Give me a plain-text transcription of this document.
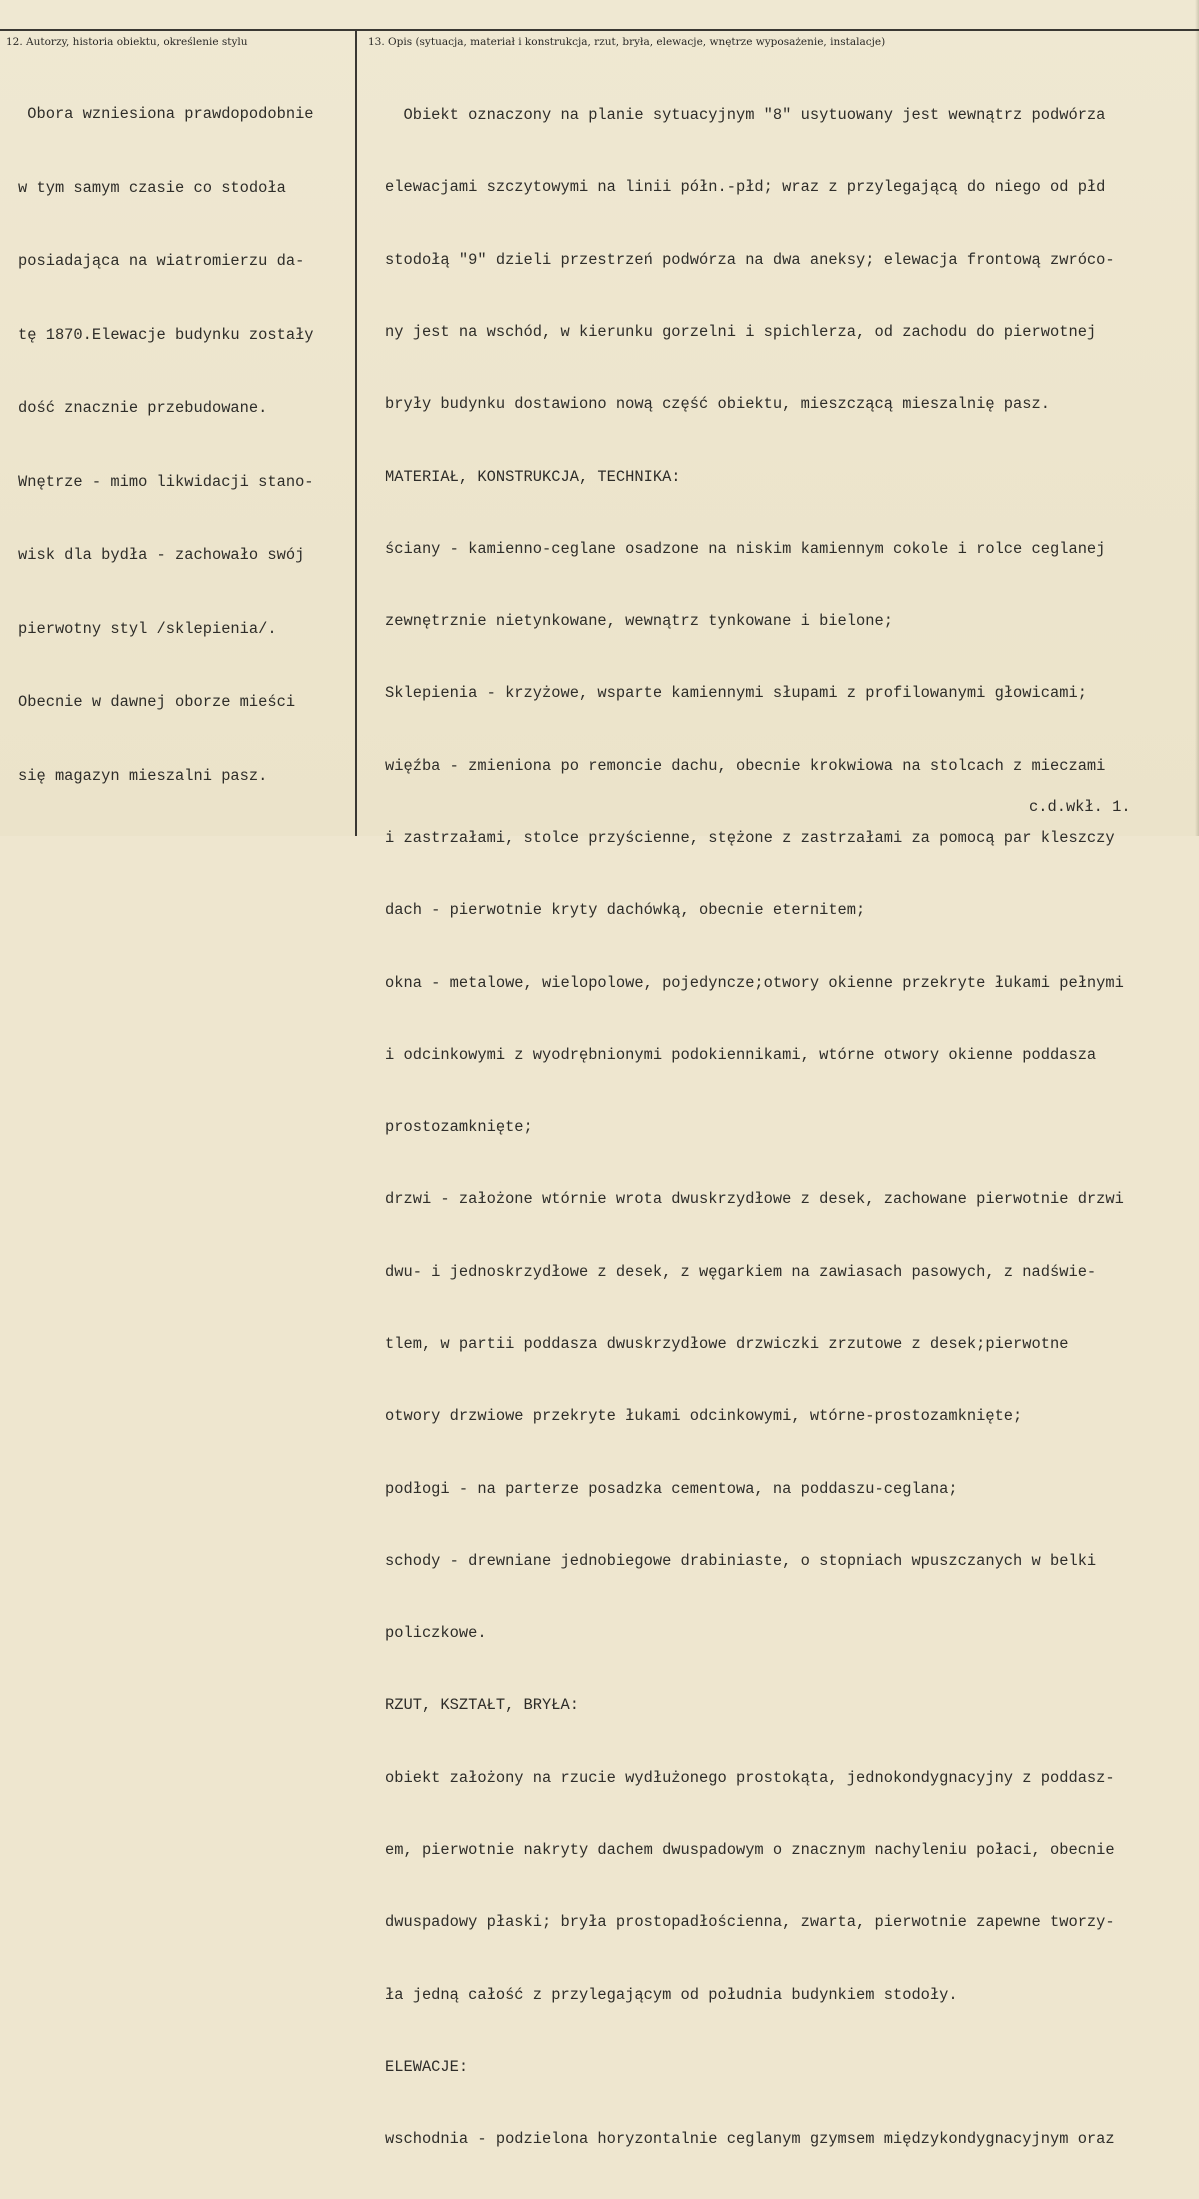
12. Autorzy, historia obiektu, określenie stylu	13. Opis (sytuacja, materiał i konstrukcja, rzut, bryła, elewacje, wnętrze wyposażenie, instalacje)

Obora wzniesiona prawdopodobnie

w tym samym czasie co stodoła

posiadająca na wiatromierzu da-

tę 1870.Elewacje budynku zostały

dość znacznie przebudowane.

Wnętrze - mimo likwidacji stano-

wisk dla bydła - zachowało swój

pierwotny styl /sklepienia/.

Obecnie w dawnej oborze mieści

się magazyn mieszalni pasz.

Obiekt oznaczony na planie sytuacyjnym "8" usytuowany jest wewnątrz podwórza

elewacjami szczytowymi na linii półn.-płd; wraz z przylegającą do niego od płd

stodołą "9" dzieli przestrzeń podwórza na dwa aneksy; elewacja frontową zwróco-

ny jest na wschód, w kierunku gorzelni i spichlerza, od zachodu do pierwotnej

bryły budynku dostawiono nową część obiektu, mieszczącą mieszalnię pasz.

MATERIAŁ, KONSTRUKCJA, TECHNIKA:

ściany - kamienno-ceglane osadzone na niskim kamiennym cokole i rolce ceglanej

zewnętrznie nietynkowane, wewnątrz tynkowane i bielone;

Sklepienia - krzyżowe, wsparte kamiennymi słupami z profilowanymi głowicami;

więźba - zmieniona po remoncie dachu, obecnie krokwiowa na stolcach z mieczami

i zastrzałami, stolce przyścienne, stężone z zastrzałami za pomocą par kleszczy

dach - pierwotnie kryty dachówką, obecnie eternitem;

okna - metalowe, wielopolowe, pojedyncze;otwory okienne przekryte łukami pełnymi

i odcinkowymi z wyodrębnionymi podokiennikami, wtórne otwory okienne poddasza

prostozamknięte;

drzwi - założone wtórnie wrota dwuskrzydłowe z desek, zachowane pierwotnie drzwi

dwu- i jednoskrzydłowe z desek, z węgarkiem na zawiasach pasowych, z nadświe-

tlem, w partii poddasza dwuskrzydłowe drzwiczki zrzutowe z desek;pierwotne

otwory drzwiowe przekryte łukami odcinkowymi, wtórne-prostozamknięte;

podłogi - na parterze posadzka cementowa, na poddaszu-ceglana;

schody - drewniane jednobiegowe drabiniaste, o stopniach wpuszczanych w belki

policzkowe.

RZUT, KSZTAŁT, BRYŁA:

obiekt założony na rzucie wydłużonego prostokąta, jednokondygnacyjny z poddasz-

em, pierwotnie nakryty dachem dwuspadowym o znacznym nachyleniu połaci, obecnie

dwuspadowy płaski; bryła prostopadłościenna, zwarta, pierwotnie zapewne tworzy-

ła jedną całość z przylegającym od południa budynkiem stodoły.

ELEWACJE:

wschodnia - podzielona horyzontalnie ceglanym gzymsem międzykondygnacyjnym oraz

c.d.wkł. 1.
